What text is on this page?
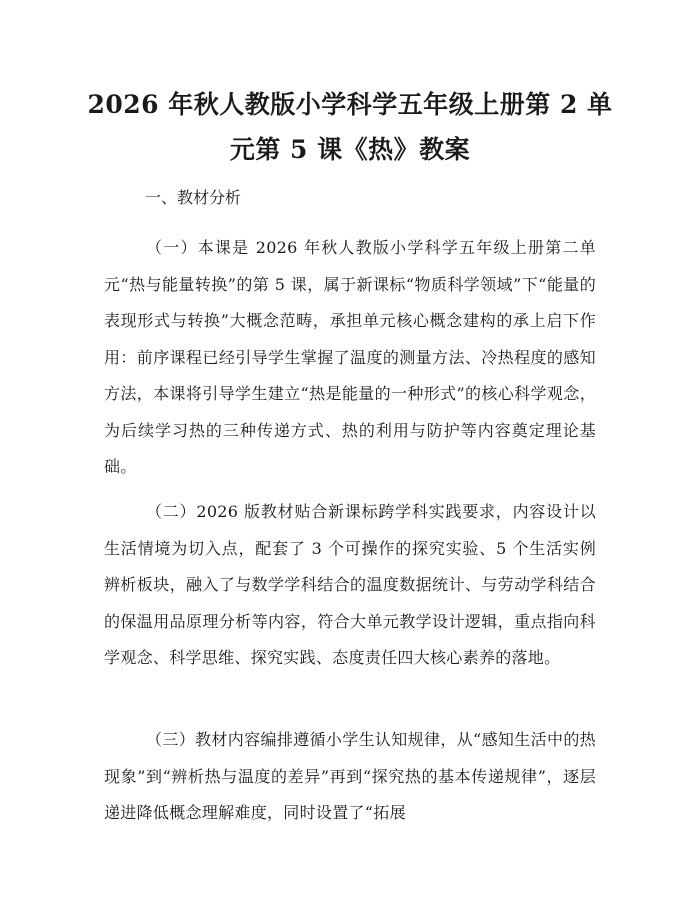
2026 年秋人教版小学科学五年级上册第 2 单
元第 5 课《热》教案

一、教材分析

（一）本课是 2026 年秋人教版小学科学五年级上册第二单元“热与能量转换”的第 5 课，属于新课标“物质科学领域”下“能量的表现形式与转换”大概念范畴，承担单元核心概念建构的承上启下作用：前序课程已经引导学生掌握了温度的测量方法、冷热程度的感知方法，本课将引导学生建立“热是能量的一种形式”的核心科学观念，为后续学习热的三种传递方式、热的利用与防护等内容奠定理论基础。

（二）2026 版教材贴合新课标跨学科实践要求，内容设计以生活情境为切入点，配套了 3 个可操作的探究实验、5 个生活实例辨析板块，融入了与数学学科结合的温度数据统计、与劳动学科结合的保温用品原理分析等内容，符合大单元教学设计逻辑，重点指向科学观念、科学思维、探究实践、态度责任四大核心素养的落地。

（三）教材内容编排遵循小学生认知规律，从“感知生活中的热现象”到“辨析热与温度的差异”再到“探究热的基本传递规律”，逐层递进降低概念理解难度，同时设置了“拓展
